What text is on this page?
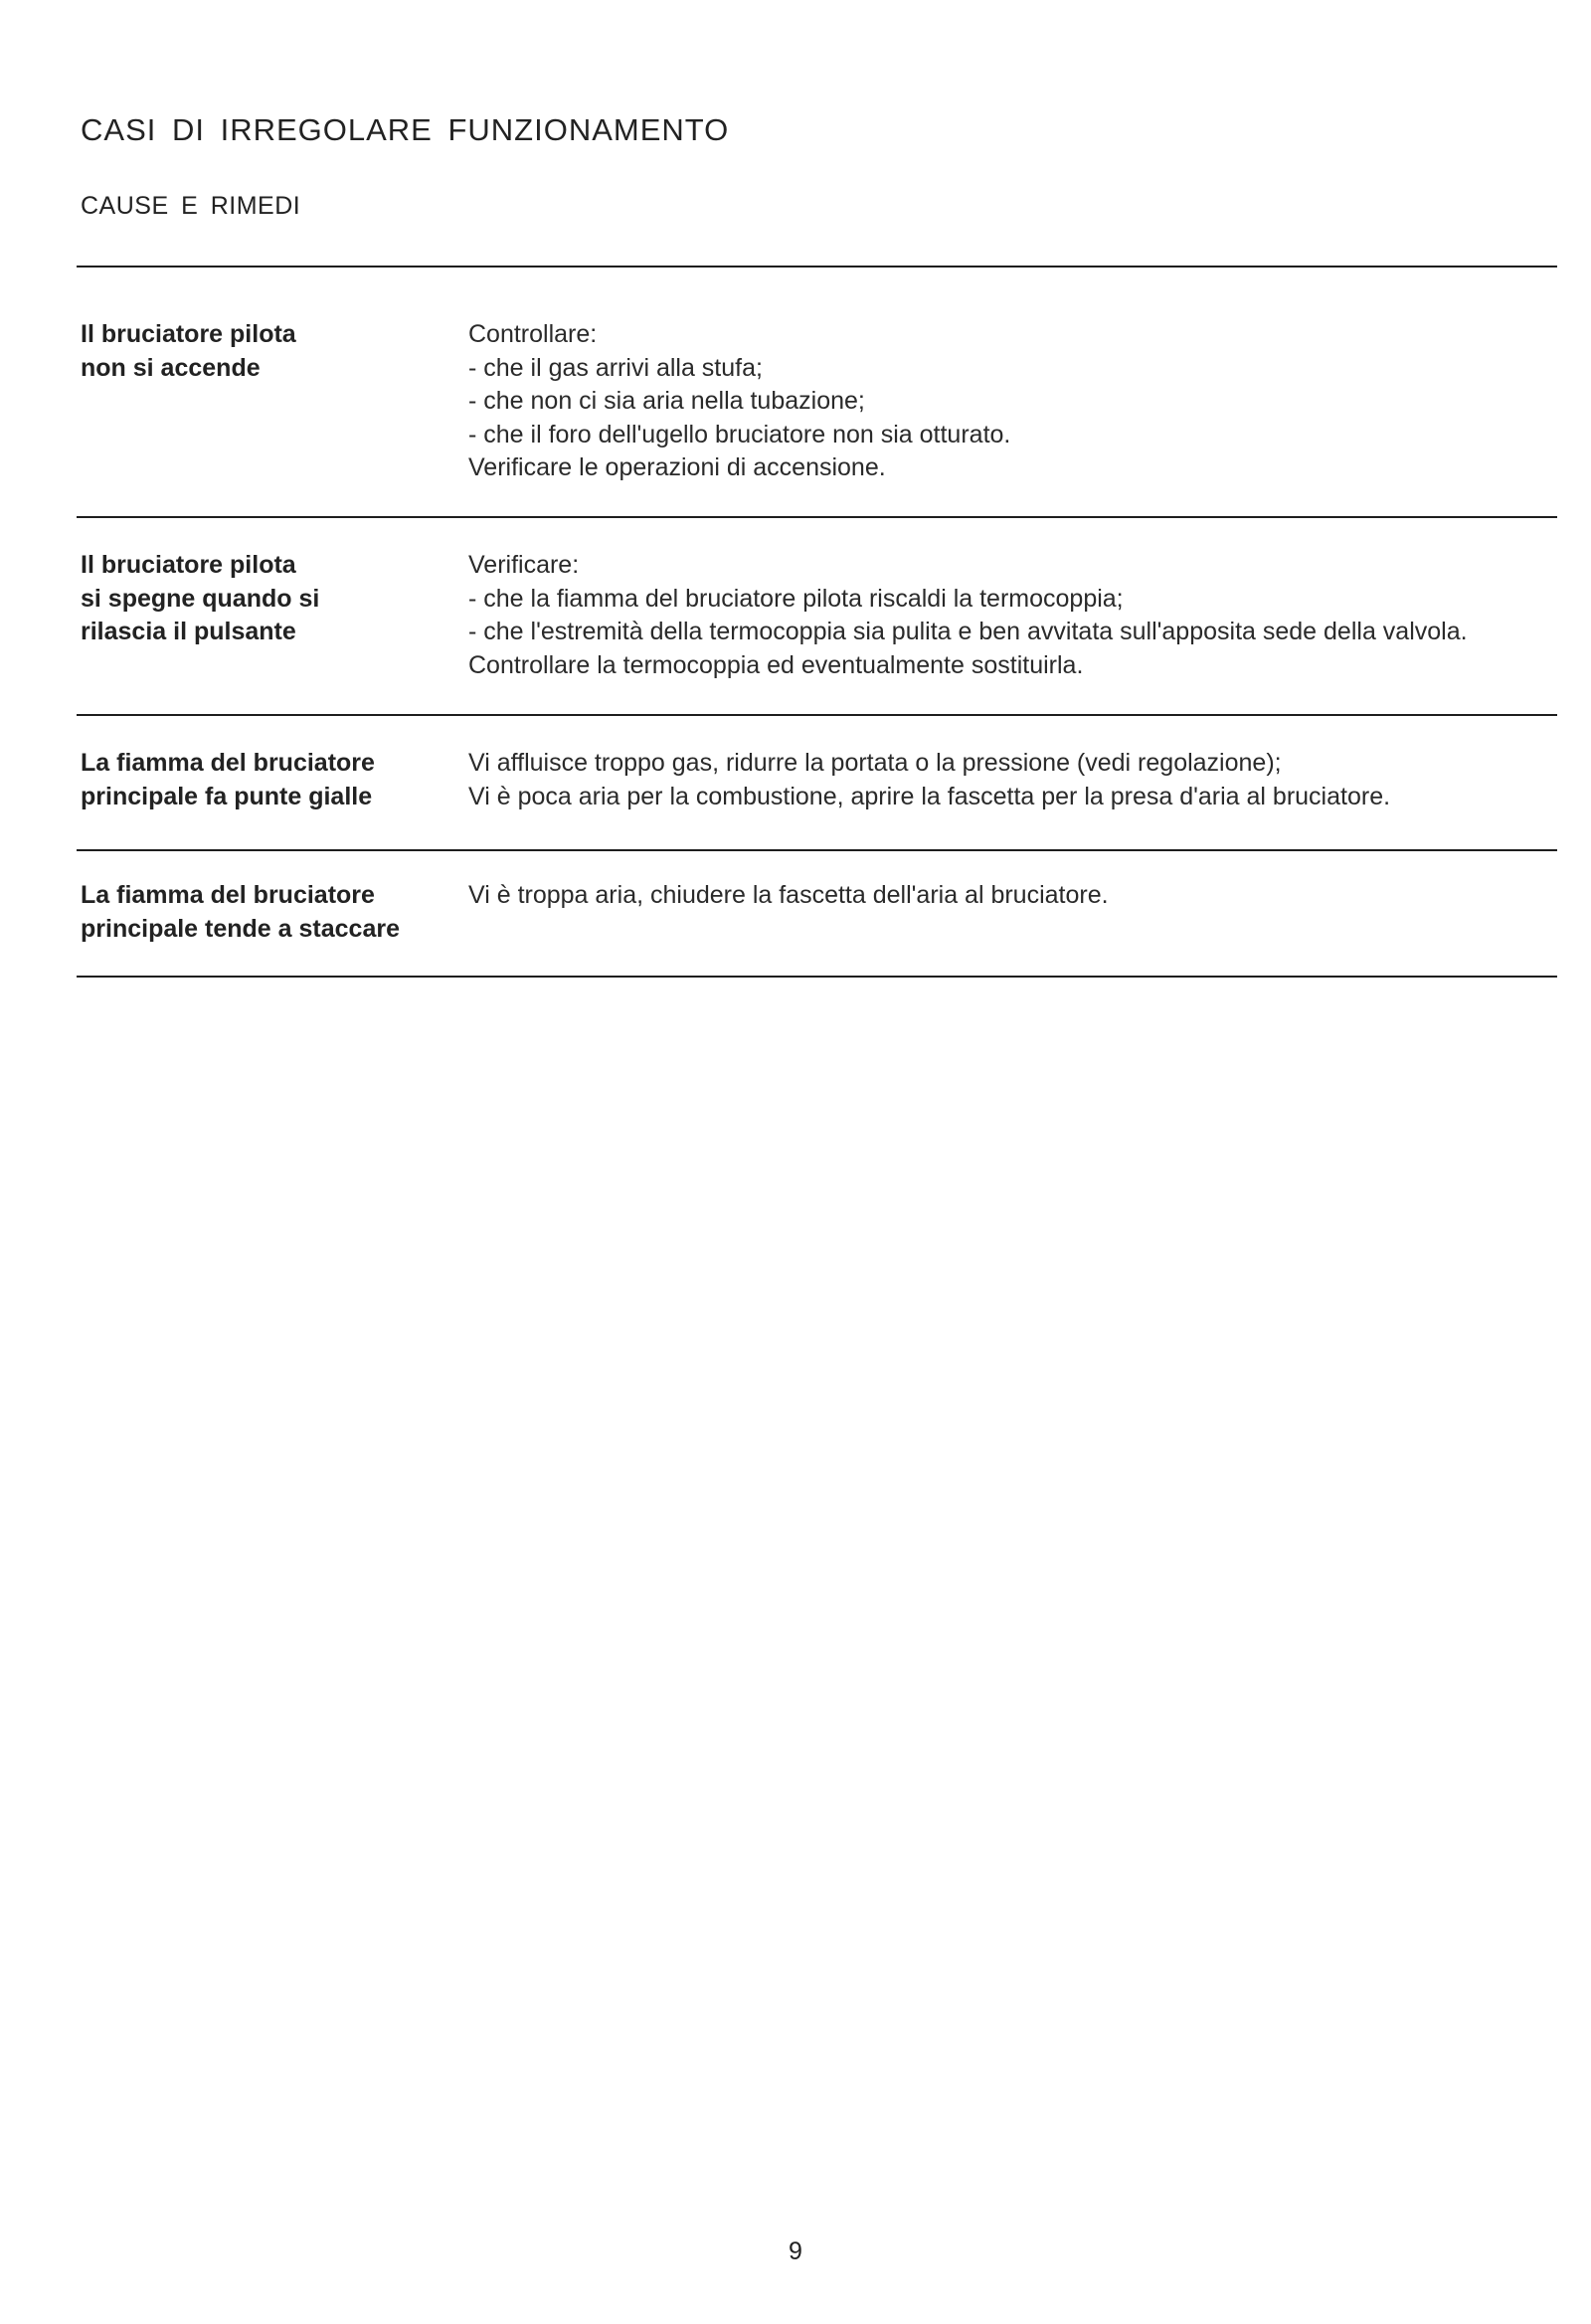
CASI DI IRREGOLARE FUNZIONAMENTO
CAUSE E RIMEDI
Il bruciatore pilota
non si accende
Controllare:
- che il gas arrivi alla stufa;
- che non ci sia aria nella tubazione;
- che il foro dell'ugello bruciatore non sia otturato.
Verificare le operazioni di accensione.
Il bruciatore pilota
si spegne quando si
rilascia il pulsante
Verificare:
- che la fiamma del bruciatore pilota riscaldi la termocoppia;
- che l'estremità della termocoppia sia pulita e ben avvitata sull'apposita sede della valvola.
Controllare la termocoppia ed eventualmente sostituirla.
La fiamma del bruciatore
principale fa punte gialle
Vi affluisce troppo gas, ridurre la portata o la pressione (vedi regolazione);
Vi è poca aria per la combustione, aprire la fascetta per la presa d'aria al bruciatore.
La fiamma del bruciatore
principale tende a staccare
Vi è troppa aria, chiudere la fascetta dell'aria al bruciatore.
9
